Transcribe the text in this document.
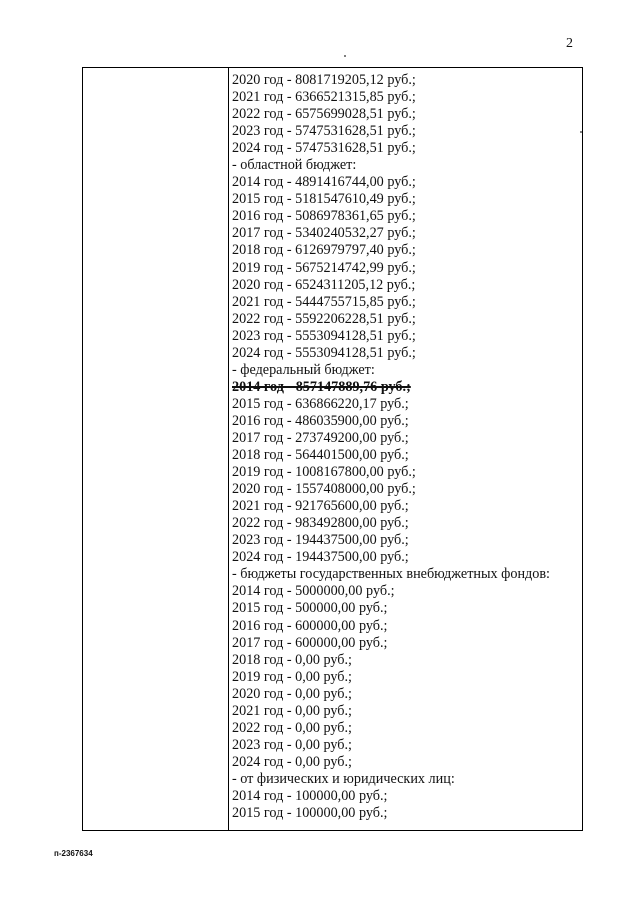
2
2020 год - 8081719205,12 руб.;
2021 год - 6366521315,85 руб.;
2022 год - 6575699028,51 руб.;
2023 год - 5747531628,51 руб.;
2024 год - 5747531628,51 руб.;
- областной бюджет:
2014 год - 4891416744,00 руб.;
2015 год - 5181547610,49 руб.;
2016 год - 5086978361,65 руб.;
2017 год - 5340240532,27 руб.;
2018 год - 6126979797,40 руб.;
2019 год - 5675214742,99 руб.;
2020 год - 6524311205,12 руб.;
2021 год - 5444755715,85 руб.;
2022 год - 5592206228,51 руб.;
2023 год - 5553094128,51 руб.;
2024 год - 5553094128,51 руб.;
- федеральный бюджет:
2014 год - 857147889,76 руб.;
2015 год - 636866220,17 руб.;
2016 год - 486035900,00 руб.;
2017 год - 273749200,00 руб.;
2018 год - 564401500,00 руб.;
2019 год - 1008167800,00 руб.;
2020 год - 1557408000,00 руб.;
2021 год - 921765600,00 руб.;
2022 год - 983492800,00 руб.;
2023 год - 194437500,00 руб.;
2024 год - 194437500,00 руб.;
- бюджеты государственных внебюджетных фондов:
2014 год - 5000000,00 руб.;
2015 год - 500000,00 руб.;
2016 год - 600000,00 руб.;
2017 год - 600000,00 руб.;
2018 год - 0,00 руб.;
2019 год - 0,00 руб.;
2020 год - 0,00 руб.;
2021 год - 0,00 руб.;
2022 год - 0,00 руб.;
2023 год - 0,00 руб.;
2024 год - 0,00 руб.;
- от физических и юридических лиц:
2014 год - 100000,00 руб.;
2015 год - 100000,00 руб.;
п-2367634
